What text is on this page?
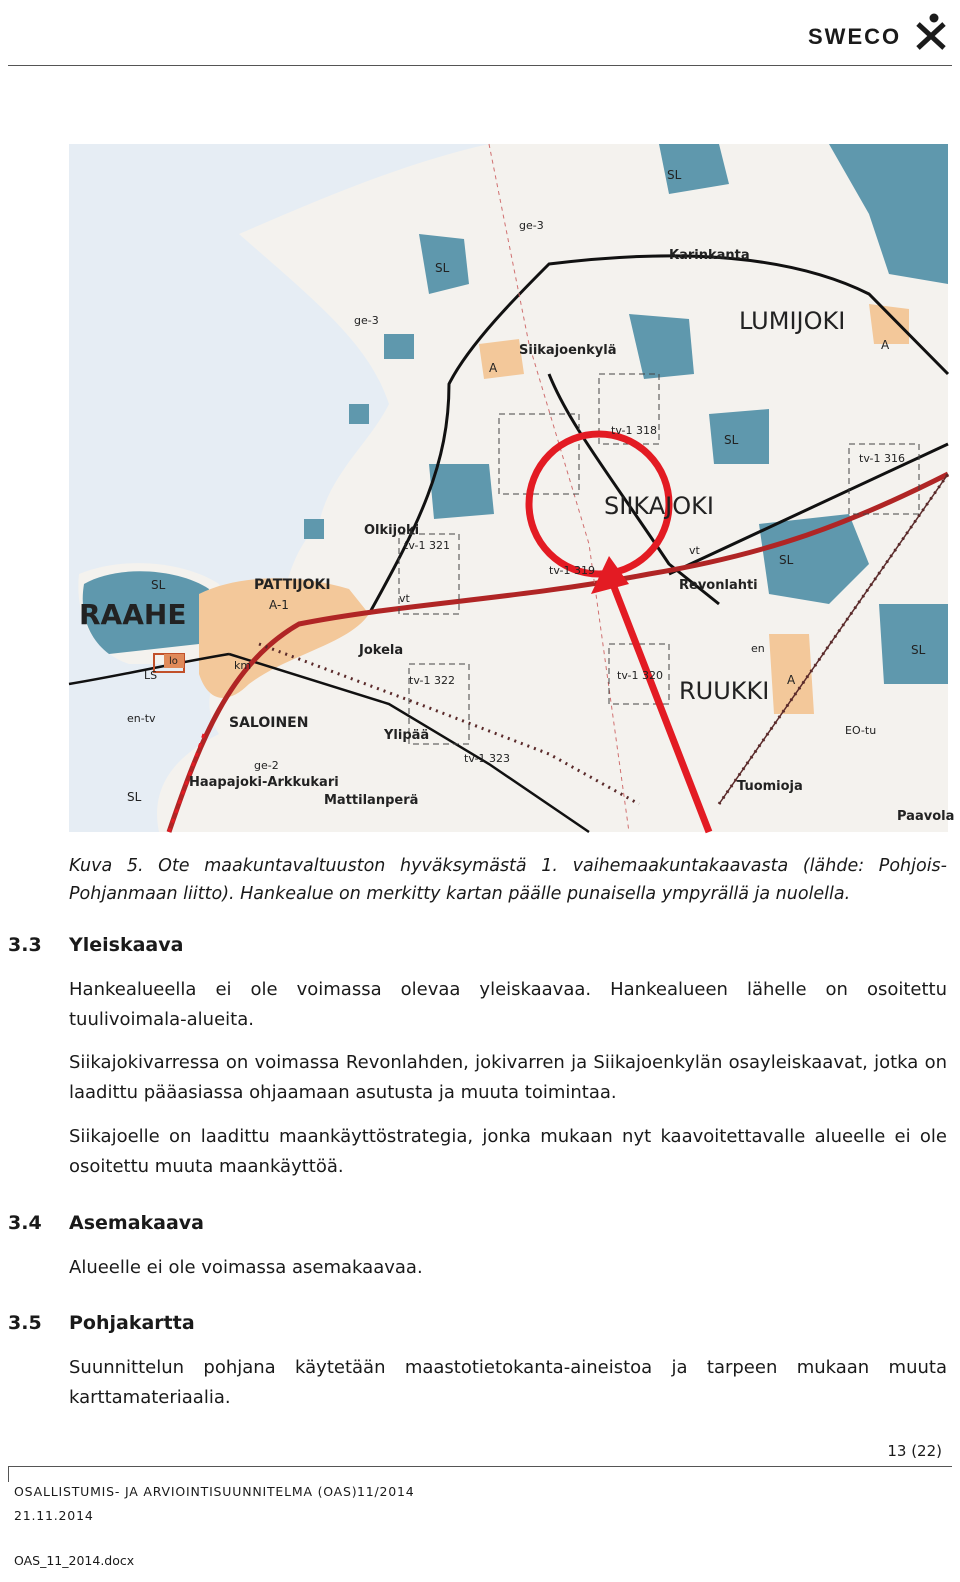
SWECO
RAAHE
LUMIJOKI
SIIKAJOKI
RUUKKI
PATTIJOKI
SALOINEN
Karinkanta
Siikajoenkylä
Olkijoki
Revonlahti
Jokela
Ylipää
Mattilanperä
Haapajoki-Arkkukari	Tuomioja
Paavola
SL
SL
SL
SL
SL
SL
SL
ge-3
ge-3
ge-2
A
A
A
A-1
tv-1 318
tv-1 319
tv-1 320
tv-1 321
tv-1 322
tv-1 323
tv-1 316
vt
vt
km
LS
lo
en
en-tv
EO-tu
Kuva 5. Ote maakuntavaltuuston hyväksymästä 1. vaihemaakuntakaavasta (lähde: Pohjois-Pohjanmaan liitto). Hankealue on merkitty kartan päälle punaisella ympyrällä ja nuolella.
3.3 Yleiskaava
Hankealueella ei ole voimassa olevaa yleiskaavaa. Hankealueen lähelle on osoitettu tuulivoimala-alueita.
Siikajokivarressa on voimassa Revonlahden, jokivarren ja Siikajoenkylän osayleiskaavat, jotka on laadittu pääasiassa ohjaamaan asutusta ja muuta toimintaa.
Siikajoelle on laadittu maankäyttöstrategia, jonka mukaan nyt kaavoitettavalle alueelle ei ole osoitettu muuta maankäyttöä.
3.4 Asemakaava
Alueelle ei ole voimassa asemakaavaa.
3.5 Pohjakartta
Suunnittelun pohjana käytetään maastotietokanta-aineistoa ja tarpeen mukaan muuta karttamateriaalia.
13 (22)
OSALLISTUMIS- JA ARVIOINTISUUNNITELMA (OAS) 11/2014
21.11.2014
OAS_11_2014.docx
